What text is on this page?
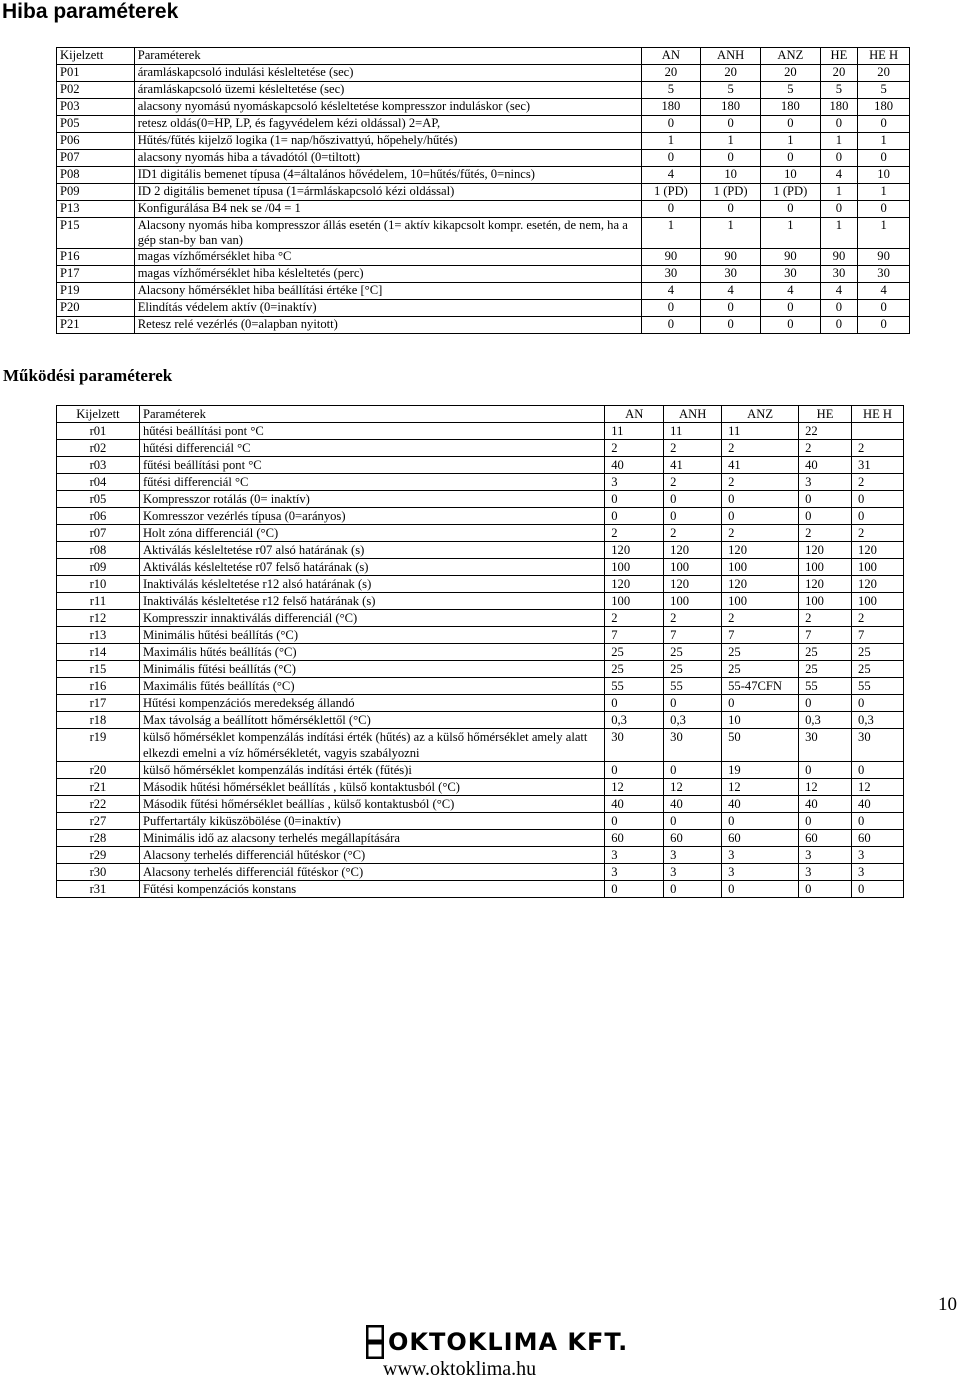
Hiba paraméterek
Kijelzett	Paraméterek	AN	ANH	ANZ	HE	HE H
P01	áramláskapcsoló indulási késleltetése (sec)	20	20	20	20	20
P02	áramláskapcsoló üzemi késleltetése (sec)	5	5	5	5	5
P03	alacsony nyomású nyomáskapcsoló késleltetése kompresszor induláskor (sec)	180	180	180	180	180
P05	retesz oldás(0=HP, LP, és fagyvédelem kézi oldással) 2=AP,	0	0	0	0	0
P06	Hűtés/fűtés kijelző logika (1= nap/hőszivattyú, hőpehely/hűtés)	1	1	1	1	1
P07	alacsony nyomás hiba a távadótól (0=tiltott)	0	0	0	0	0
P08	ID1 digitális bemenet típusa (4=általános hővédelem, 10=hűtés/fűtés, 0=nincs)	4	10	10	4	10
P09	ID 2 digitális bemenet típusa (1=ármláskapcsoló kézi oldással)	1 (PD)	1 (PD)	1 (PD)	1	1
P13	Konfigurálása B4 nek se /04 = 1	0	0	0	0	0
P15	Alacsony nyomás hiba kompresszor állás esetén (1= aktív kikapcsolt kompr. esetén, de nem, ha a gép stan-by ban van)	1	1	1	1	1
P16	magas vízhőmérséklet hiba °C	90	90	90	90	90
P17	magas vízhőmérséklet hiba késleltetés (perc)	30	30	30	30	30
P19	Alacsony hőmérséklet hiba beállítási értéke [°C]	4	4	4	4	4
P20	Elindítás védelem aktív (0=inaktív)	0	0	0	0	0
P21	Retesz relé vezérlés (0=alapban nyitott)	0	0	0	0	0
Működési paraméterek
Kijelzett	Paraméterek	AN	ANH	ANZ	HE	HE H
r01	hűtési beállítási pont °C	11	11	11	22	
r02	hűtési differenciál °C	2	2	2	2	2
r03	fűtési beállítási pont °C	40	41	41	40	31
r04	fűtési differenciál °C	3	2	2	3	2
r05	Kompresszor rotálás (0= inaktív)	0	0	0	0	0
r06	Komresszor vezérlés típusa (0=arányos)	0	0	0	0	0
r07	Holt zóna differenciál (°C)	2	2	2	2	2
r08	Aktiválás késleltetése r07 alsó határának (s)	120	120	120	120	120
r09	Aktiválás késleltetése r07 felső határának (s)	100	100	100	100	100
r10	Inaktiválás késleltetése r12 alsó határának (s)	120	120	120	120	120
r11	Inaktiválás késleltetése r12 felső határának (s)	100	100	100	100	100
r12	Kompresszir innaktiválás differenciál (°C)	2	2	2	2	2
r13	Minimális hűtési beállítás (°C)	7	7	7	7	7
r14	Maximális hűtés beállítás (°C)	25	25	25	25	25
r15	Minimális fűtési beállítás (°C)	25	25	25	25	25
r16	Maximális fűtés beállítás (°C)	55	55	55-47CFN	55	55
r17	Hűtési kompenzációs meredekség állandó	0	0	0	0	0
r18	Max távolság a beállított hőmérséklettől (°C)	0,3	0,3	10	0,3	0,3
r19	külső hőmérséklet kompenzálás indítási érték (hűtés) az a külső hőmérséklet amely alatt elkezdi emelni a víz hőmérsékletét, vagyis szabályozni	30	30	50	30	30
r20	külső hőmérséklet kompenzálás indítási érték (fűtés)i	0	0	19	0	0
r21	Második hűtési hőmérséklet beállítás , külső kontaktusból (°C)	12	12	12	12	12
r22	Második fűtési hőmérséklet beállías , külső kontaktusból (°C)	40	40	40	40	40
r27	Puffertartály kiküszöbölése (0=inaktív)	0	0	0	0	0
r28	Minimális idő az alacsony terhelés megállapítására	60	60	60	60	60
r29	Alacsony terhelés differenciál hűtéskor (°C)	3	3	3	3	3
r30	Alacsony terhelés differenciál fűtéskor (°C)	3	3	3	3	3
r31	Fűtési kompenzációs konstans	0	0	0	0	0
10
OKTOKLIMA KFT.
www.oktoklima.hu
